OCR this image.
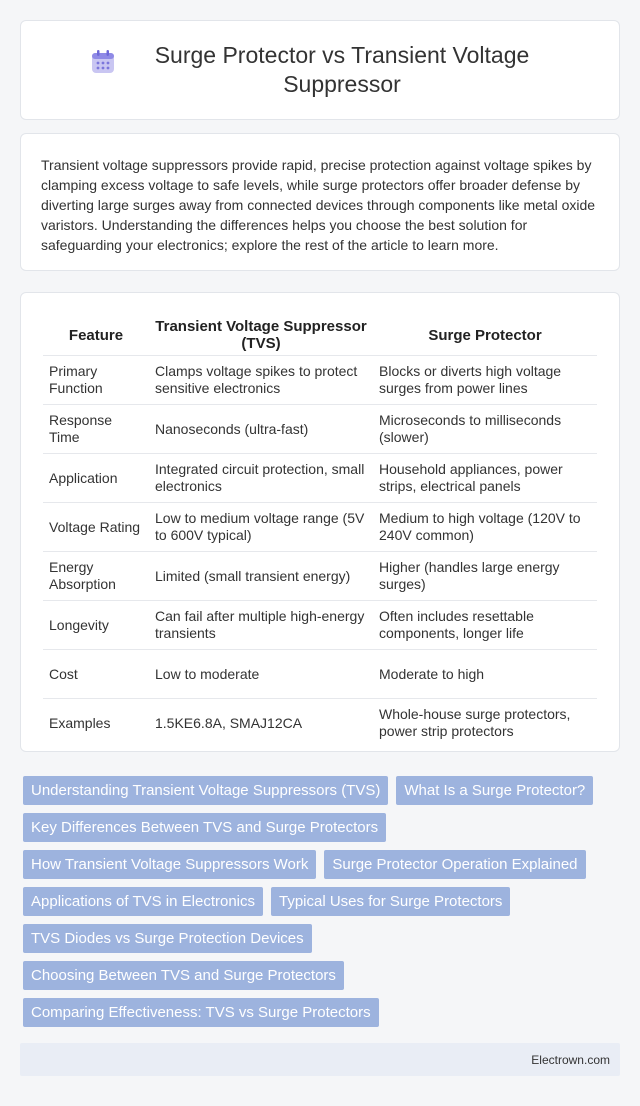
Surge Protector vs Transient Voltage Suppressor

Transient voltage suppressors provide rapid, precise protection against voltage spikes by clamping excess voltage to safe levels, while surge protectors offer broader defense by diverting large surges away from connected devices through components like metal oxide varistors. Understanding the differences helps you choose the best solution for safeguarding your electronics; explore the rest of the article to learn more.

Feature	Transient Voltage Suppressor (TVS)	Surge Protector
Primary Function	Clamps voltage spikes to protect sensitive electronics	Blocks or diverts high voltage surges from power lines
Response Time	Nanoseconds (ultra-fast)	Microseconds to milliseconds (slower)
Application	Integrated circuit protection, small electronics	Household appliances, power strips, electrical panels
Voltage Rating	Low to medium voltage range (5V to 600V typical)	Medium to high voltage (120V to 240V common)
Energy Absorption	Limited (small transient energy)	Higher (handles large energy surges)
Longevity	Can fail after multiple high-energy transients	Often includes resettable components, longer life
Cost	Low to moderate	Moderate to high
Examples	1.5KE6.8A, SMAJ12CA	Whole-house surge protectors, power strip protectors
Understanding Transient Voltage Suppressors (TVS)	What Is a Surge Protector?
Key Differences Between TVS and Surge Protectors
How Transient Voltage Suppressors Work	Surge Protector Operation Explained
Applications of TVS in Electronics	Typical Uses for Surge Protectors
TVS Diodes vs Surge Protection Devices
Choosing Between TVS and Surge Protectors
Comparing Effectiveness: TVS vs Surge Protectors
Electrown.com
